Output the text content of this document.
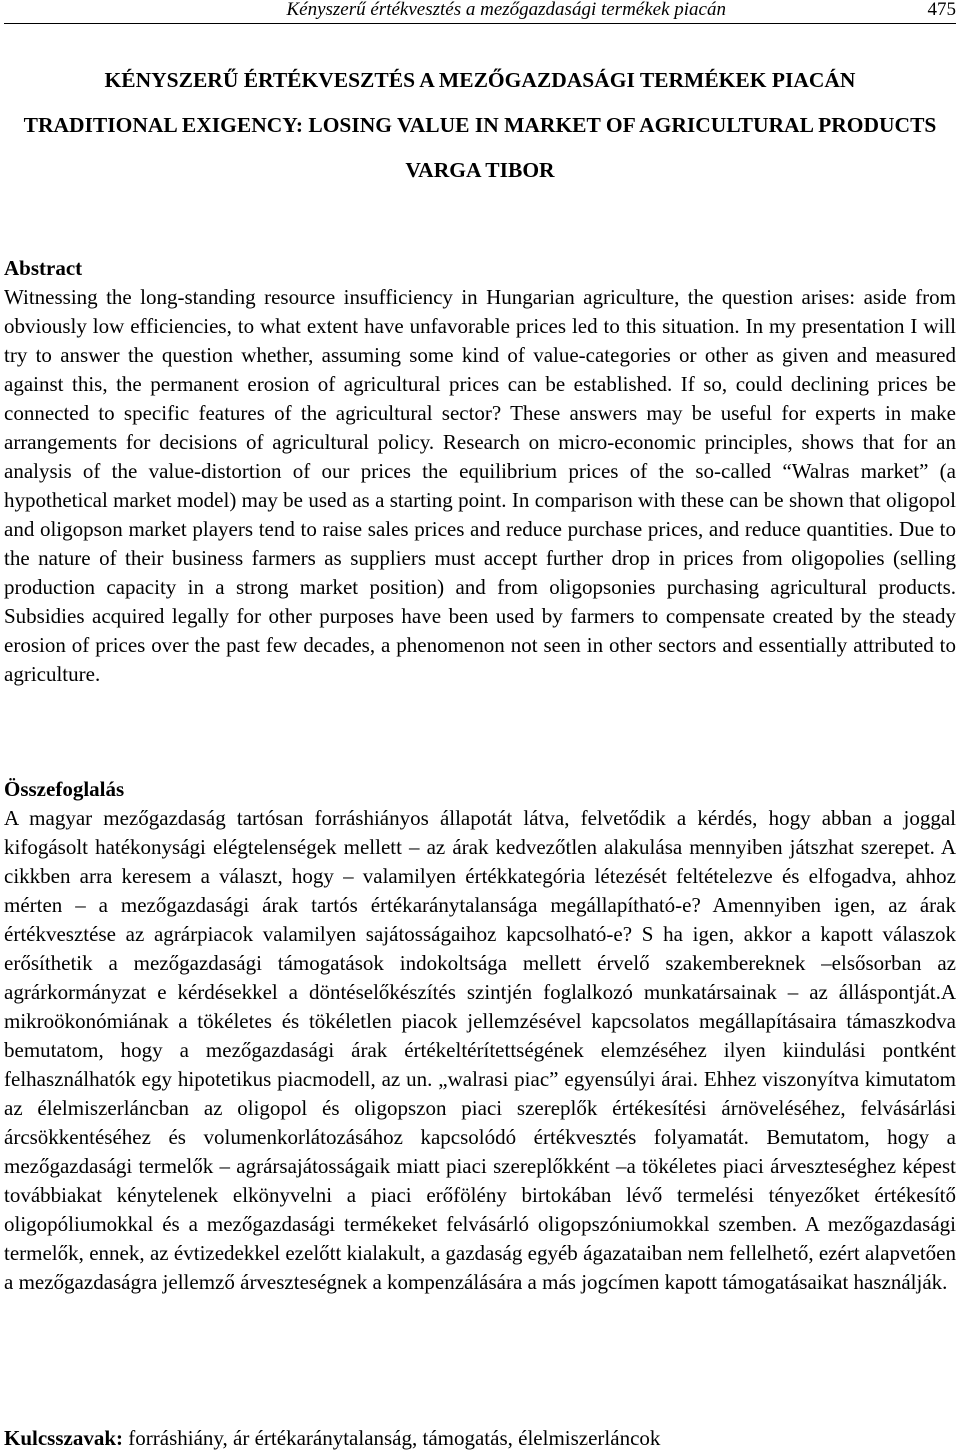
Kényszerű értékvesztés a mezőgazdasági termékek piacán	475
KÉNYSZERŰ ÉRTÉKVESZTÉS A MEZŐGAZDASÁGI TERMÉKEK PIACÁN
TRADITIONAL EXIGENCY: LOSING VALUE IN MARKET OF AGRICULTURAL PRODUCTS
VARGA TIBOR
Abstract

Witnessing the long-standing resource insufficiency in Hungarian agriculture, the question arises: aside from obviously low efficiencies, to what extent have unfavorable prices led to this situation. In my presentation I will try to answer the question whether, assuming some kind of value-categories or other as given and measured against this, the permanent erosion of agricultural prices can be established. If so, could declining prices be connected to specific features of the agricultural sector? These answers may be useful for experts in make arrangements for decisions of agricultural policy. Research on micro-economic principles, shows that for an analysis of the value-distortion of our prices the equilibrium prices of the so-called “Walras market” (a hypothetical market model) may be used as a starting point. In comparison with these can be shown that oligopol and oligopson market players tend to raise sales prices and reduce purchase prices, and reduce quantities. Due to the nature of their business farmers as suppliers must accept further drop in prices from oligopolies (selling production capacity in a strong market position) and from oligopsonies purchasing agricultural products. Subsidies acquired legally for other purposes have been used by farmers to compensate created by the steady erosion of prices over the past few decades, a phenomenon not seen in other sectors and essentially attributed to agriculture.

Összefoglalás

A magyar mezőgazdaság tartósan forráshiányos állapotát látva, felvetődik a kérdés, hogy abban a joggal kifogásolt hatékonysági elégtelenségek mellett – az árak kedvezőtlen alakulása mennyiben játszhat szerepet. A cikkben arra keresem a választ, hogy – valamilyen értékkategória létezését feltételezve és elfogadva, ahhoz mérten – a mezőgazdasági árak tartós értékaránytalansága megállapítható-e? Amennyiben igen, az árak értékvesztése az agrárpiacok valamilyen sajátosságaihoz kapcsolható-e? S ha igen, akkor a kapott válaszok erősíthetik a mezőgazdasági támogatások indokoltsága mellett érvelő szakembereknek –elsősorban az agrárkormányzat e kérdésekkel a döntéselőkészítés szintjén foglalkozó munkatársainak – az álláspontját.A mikroökonómiának a tökéletes és tökéletlen piacok jellemzésével kapcsolatos megállapításaira támaszkodva bemutatom, hogy a mezőgazdasági árak értékeltérítettségének elemzéséhez ilyen kiindulási pontként felhasználhatók egy hipotetikus piacmodell, az un. „walrasi piac” egyensúlyi árai. Ehhez viszonyítva kimutatom az élelmiszerláncban az oligopol és oligopszon piaci szereplők értékesítési árnöveléséhez, felvásárlási árcsökkentéséhez és volumenkorlátozásához kapcsolódó értékvesztés folyamatát. Bemutatom, hogy a mezőgazdasági termelők – agrársajátosságaik miatt piaci szereplőkként –a tökéletes piaci árveszteséghez képest továbbiakat kénytelenek elkönyvelni a piaci erőfölény birtokában lévő termelési tényezőket értékesítő oligopóliumokkal és a mezőgazdasági termékeket felvásárló oligopszóniumokkal szemben. A mezőgazdasági termelők, ennek, az évtizedekkel ezelőtt kialakult, a gazdaság egyéb ágazataiban nem fellelhető, ezért alapvetően a mezőgazdaságra jellemző árveszteségnek a kompenzálására a más jogcímen kapott támogatásaikat használják.

Kulcsszavak: forráshiány, ár értékaránytalanság, támogatás, élelmiszerláncok
